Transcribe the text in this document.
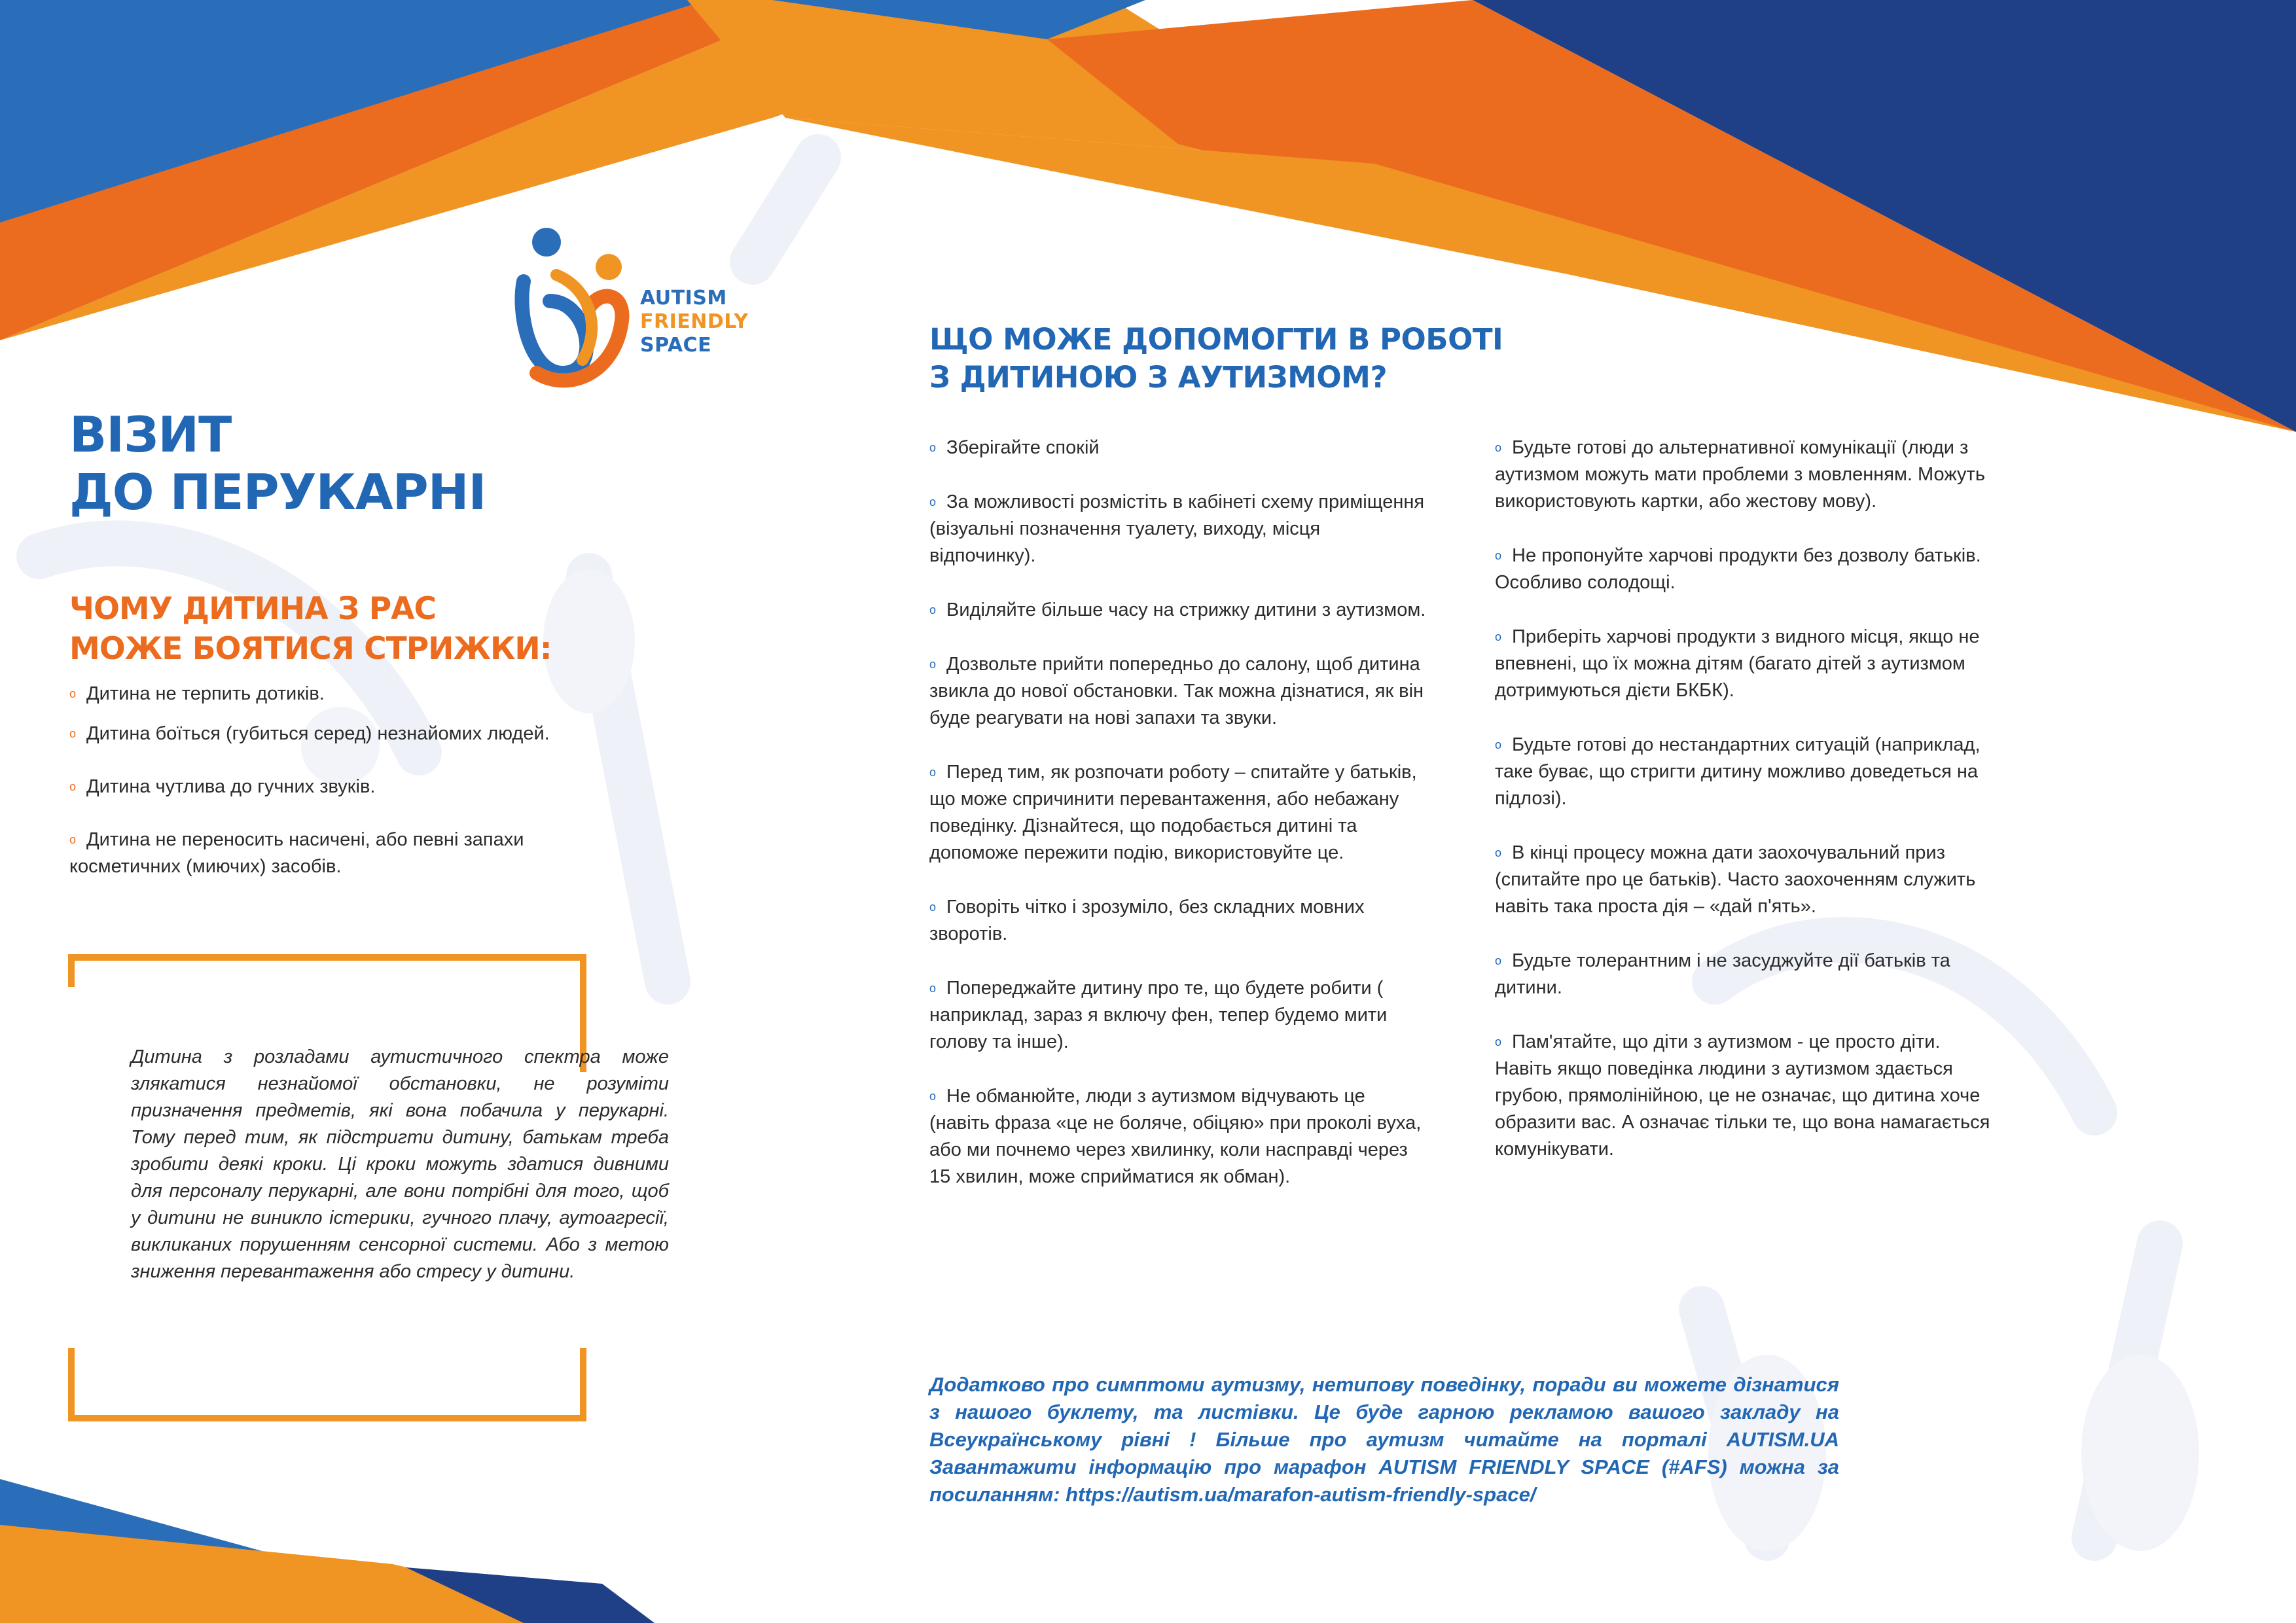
AUTISM
FRIENDLY
SPACE
ВІЗИТ
ДО ПЕРУКАРНІ
ЧОМУ ДИТИНА З РАС
МОЖЕ БОЯТИСЯ СТРИЖКИ:
o Дитина не терпить дотиків.
o Дитина боїться (губиться серед) незнайомих людей.
o Дитина чутлива до гучних звуків.
o Дитина не переносить насичені, або певні запахи косметичних (миючих) засобів.
Дитина з розладами аутистичного спектра може злякатися незнайомої обстановки, не розуміти призначення предметів, які вона побачила у перукарні. Тому перед тим, як підстригти дитину, батькам треба зробити деякі кроки. Ці кроки можуть здатися дивними для персоналу перукарні, але вони потрібні для того, щоб у дитини не виникло істерики, гучного плачу, аутоагресії, викликаних порушенням сенсорної системи. Або з метою зниження перевантаження або стресу у дитини.
ЩО МОЖЕ ДОПОМОГТИ В РОБОТІ
З ДИТИНОЮ З АУТИЗМОМ?
o Зберігайте спокій
o За можливості розмістіть в кабінеті схему приміщення (візуальні позначення туалету, виходу, місця відпочинку).
o Виділяйте більше часу на стрижку дитини з аутизмом.
o Дозвольте прийти попередньо до салону, щоб дитина звикла до нової обстановки. Так можна дізнатися, як він буде реагувати на нові запахи та звуки.
o Перед тим, як розпочати роботу – спитайте у батьків, що може спричинити перевантаження, або небажану поведінку. Дізнайтеся, що подобається дитині та допоможе пережити подію, використовуйте це.
o Говоріть чітко і зрозуміло, без складних мовних зворотів.
o Попереджайте дитину про те, що будете робити ( наприклад, зараз я включу фен, тепер будемо мити голову та інше).
o Не обманюйте, люди з аутизмом відчувають це (навіть фраза «це не боляче, обіцяю» при проколі вуха, або ми почнемо через хвилинку, коли насправді через 15 хвилин, може сприйматися як обман).
o Будьте готові до альтернативної комунікації (люди з аутизмом можуть мати проблеми з мовленням. Можуть використовують картки, або жестову мову).
o Не пропонуйте харчові продукти без дозволу батьків. Особливо солодощі.
o Приберіть харчові продукти з видного місця, якщо не впевнені, що їх можна дітям (багато дітей з аутизмом дотримуються дієти БКБК).
o Будьте готові до нестандартних ситуацій (наприклад, таке буває, що стригти дитину можливо доведеться на підлозі).
o В кінці процесу можна дати заохочувальний приз (спитайте про це батьків). Часто заохоченням служить навіть така проста дія – «дай п'ять».
o Будьте толерантним і не засуджуйте дії батьків та дитини.
o Пам'ятайте, що діти з аутизмом - це просто діти. Навіть якщо поведінка людини з аутизмом здається грубою, прямолінійною, це не означає, що дитина хоче образити вас. А означає тільки те, що вона намагається комунікувати.
Додатково про симптоми аутизму, нетипову поведінку, поради ви можете дізнатися з нашого буклету, та листівки. Це буде гарною рекламою вашого закладу на Всеукраїнському рівні ! Більше про аутизм читайте на порталі AUTISM.UA Завантажити інформацію про марафон AUTISM FRIENDLY SPACE (#AFS) можна за посиланням: https://autism.ua/marafon-autism-friendly-space/
